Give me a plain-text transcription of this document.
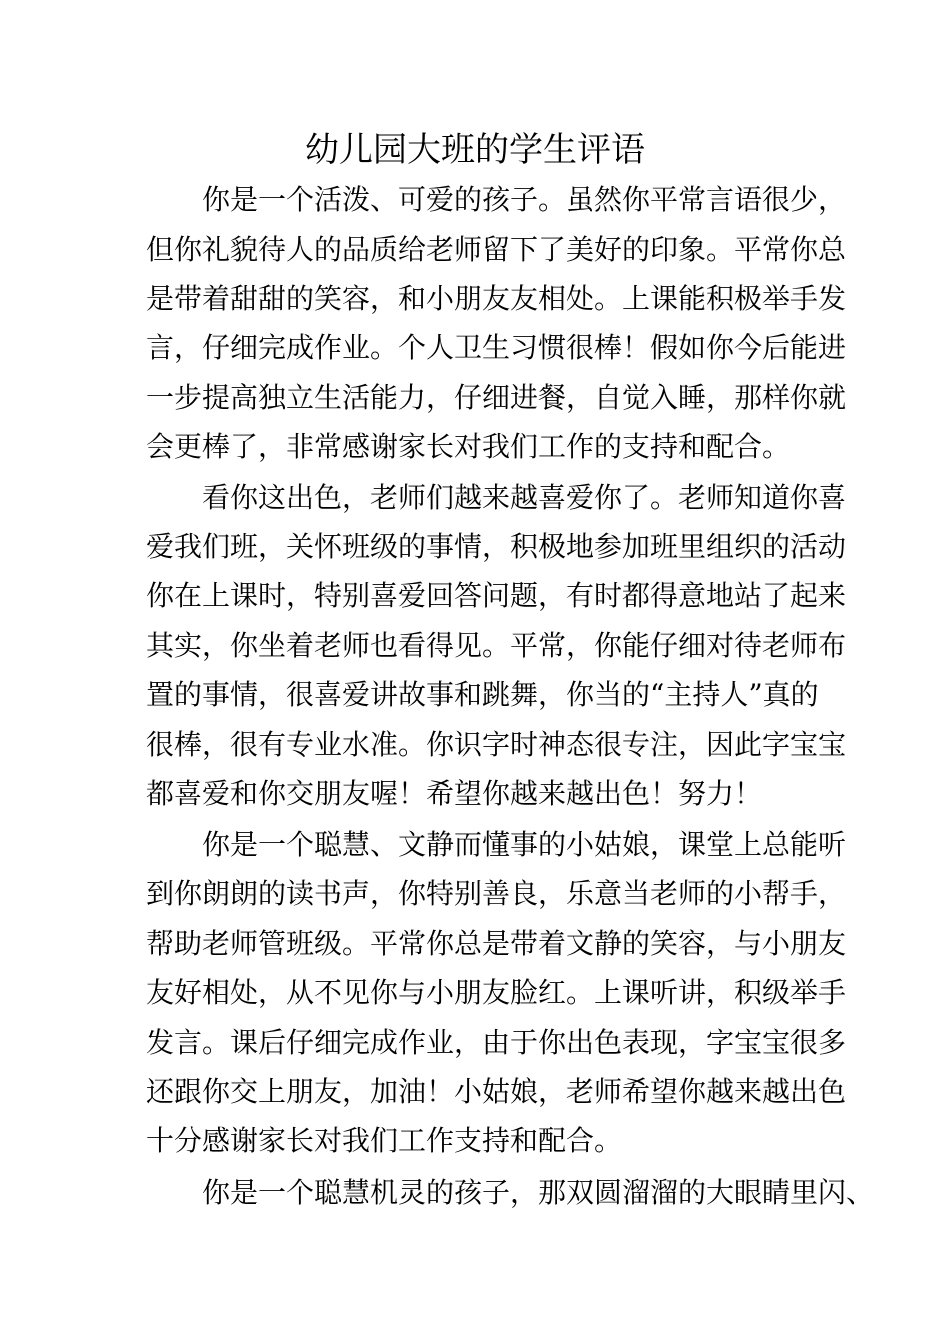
幼儿园大班的学生评语
你是一个活泼、可爱的孩子。虽然你平常言语很少，
但你礼貌待人的品质给老师留下了美好的印象。平常你总
是带着甜甜的笑容，和小朋友友相处。上课能积极举手发
言，仔细完成作业。个人卫生习惯很棒！假如你今后能进
一步提高独立生活能力，仔细进餐，自觉入睡，那样你就
会更棒了，非常感谢家长对我们工作的支持和配合。
看你这出色，老师们越来越喜爱你了。老师知道你喜
爱我们班，关怀班级的事情，积极地参加班里组织的活动
你在上课时，特别喜爱回答问题，有时都得意地站了起来
其实，你坐着老师也看得见。平常，你能仔细对待老师布
置的事情，很喜爱讲故事和跳舞，你当的“主持人”真的
很棒，很有专业水准。你识字时神态很专注，因此字宝宝
都喜爱和你交朋友喔！希望你越来越出色！努力！
你是一个聪慧、文静而懂事的小姑娘，课堂上总能听
到你朗朗的读书声，你特别善良，乐意当老师的小帮手，
帮助老师管班级。平常你总是带着文静的笑容，与小朋友
友好相处，从不见你与小朋友脸红。上课听讲，积级举手
发言。课后仔细完成作业，由于你出色表现，字宝宝很多
还跟你交上朋友，加油！小姑娘，老师希望你越来越出色
十分感谢家长对我们工作支持和配合。
你是一个聪慧机灵的孩子，那双圆溜溜的大眼睛里闪、
